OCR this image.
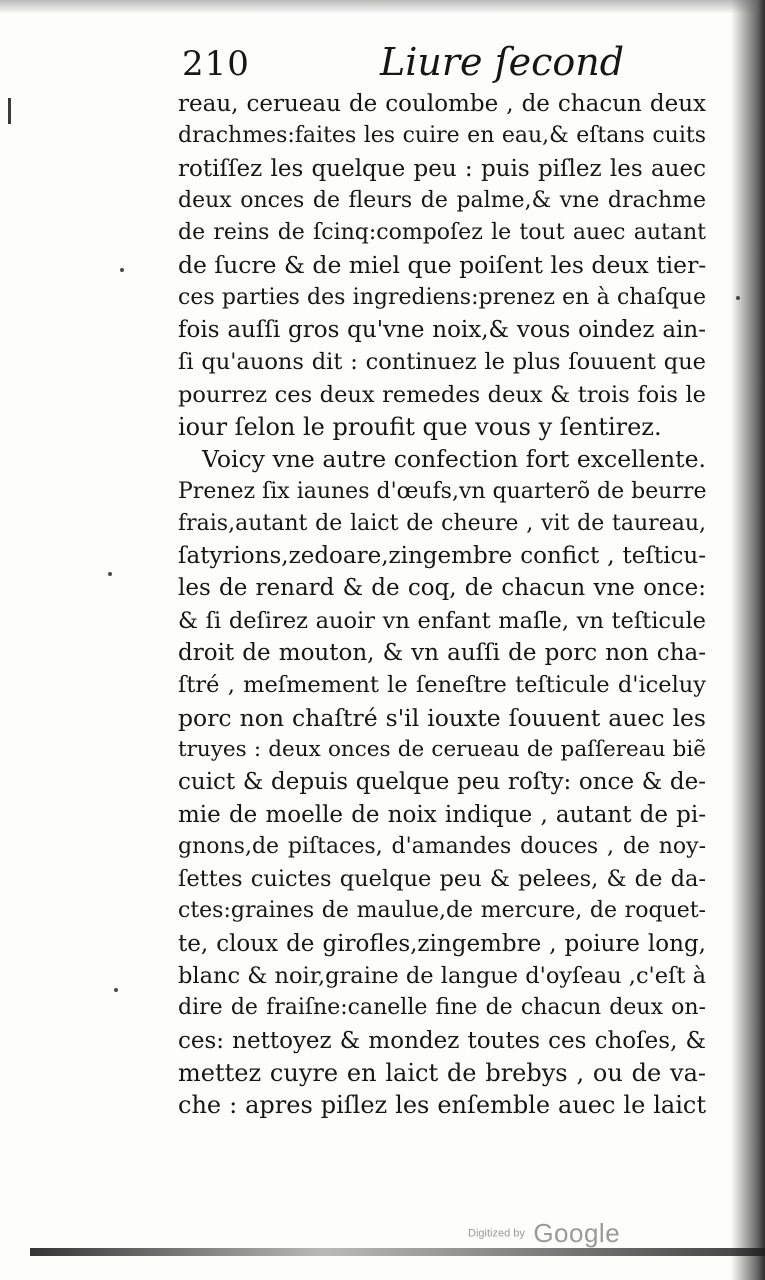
210	Liure ſecond
reau, cerueau de coulombe , de chacun deux
drachmes:faites les cuire en eau,& eſtans cuits
rotiſſez les quelque peu : puis piſlez les auec
deux onces de fleurs de palme,& vne drachme
de reins de ſcinq:compoſez le tout auec autant
de ſucre & de miel que poiſent les deux tier-
ces parties des ingrediens:prenez en à chaſque
fois auſſi gros qu'vne noix,& vous oindez ain-
ſi qu'auons dit : continuez le plus ſouuent que
pourrez ces deux remedes deux & trois fois le
iour ſelon le proufit que vous y ſentirez.
Voicy vne autre confection fort excellente.
Prenez ſix iaunes d'œufs,vn quarterõ de beurre
frais,autant de laict de cheure , vit de taureau,
ſatyrions,zedoare,zingembre confict , teſticu-
les de renard & de coq, de chacun vne once:
& ſi deſirez auoir vn enfant maſle, vn teſticule
droit de mouton, & vn auſſi de porc non cha-
ſtré , meſmement le ſeneſtre teſticule d'iceluy
porc non chaſtré s'il iouxte ſouuent auec les
truyes : deux onces de cerueau de paſſereau biẽ
cuict & depuis quelque peu roſty: once & de-
mie de moelle de noix indique , autant de pi-
gnons,de piſtaces, d'amandes douces , de noy-
ſettes cuictes quelque peu & pelees, & de da-
ctes:graines de maulue,de mercure, de roquet-
te, cloux de girofles,zingembre , poiure long,
blanc & noir,graine de langue d'oyſeau ,c'eſt à
dire de fraiſne:canelle fine de chacun deux on-
ces: nettoyez & mondez toutes ces choſes, &
mettez cuyre en laict de brebys , ou de va-
che : apres piſlez les enſemble auec le laict
Digitized by Google
